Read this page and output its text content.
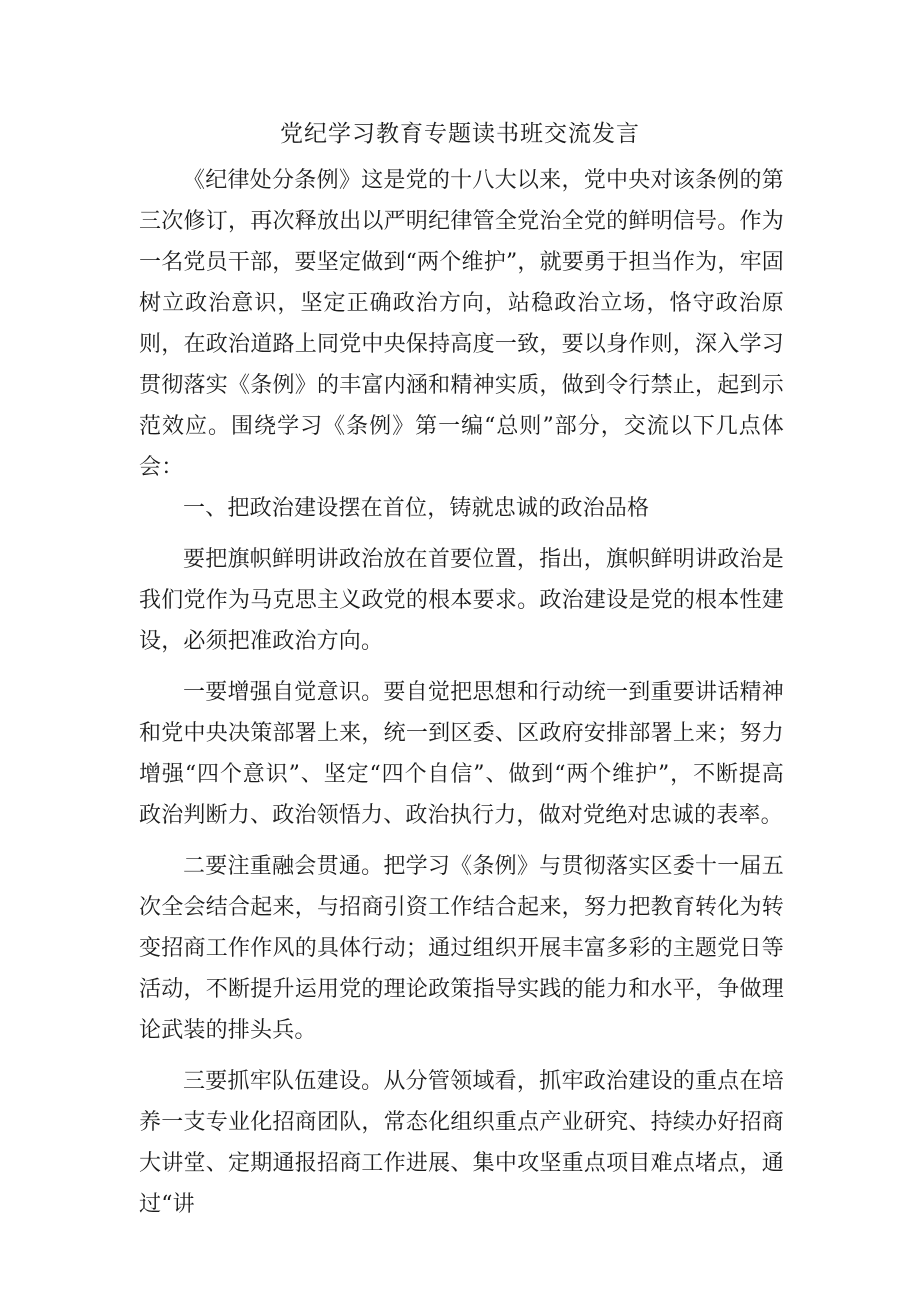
党纪学习教育专题读书班交流发言

《纪律处分条例》这是党的十八大以来，党中央对该条例的第三次修订，再次释放出以严明纪律管全党治全党的鲜明信号。作为一名党员干部，要坚定做到“两个维护”，就要勇于担当作为，牢固树立政治意识，坚定正确政治方向，站稳政治立场，恪守政治原则，在政治道路上同党中央保持高度一致，要以身作则，深入学习贯彻落实《条例》的丰富内涵和精神实质，做到令行禁止，起到示范效应。围绕学习《条例》第一编“总则”部分，交流以下几点体会：

一、把政治建设摆在首位，铸就忠诚的政治品格

要把旗帜鲜明讲政治放在首要位置，指出，旗帜鲜明讲政治是我们党作为马克思主义政党的根本要求。政治建设是党的根本性建设，必须把准政治方向。

一要增强自觉意识。要自觉把思想和行动统一到重要讲话精神和党中央决策部署上来，统一到区委、区政府安排部署上来；努力增强“四个意识”、坚定“四个自信”、做到“两个维护”，不断提高政治判断力、政治领悟力、政治执行力，做对党绝对忠诚的表率。

二要注重融会贯通。把学习《条例》与贯彻落实区委十一届五次全会结合起来，与招商引资工作结合起来，努力把教育转化为转变招商工作作风的具体行动；通过组织开展丰富多彩的主题党日等活动，不断提升运用党的理论政策指导实践的能力和水平，争做理论武装的排头兵。

三要抓牢队伍建设。从分管领域看，抓牢政治建设的重点在培养一支专业化招商团队，常态化组织重点产业研究、持续办好招商大讲堂、定期通报招商工作进展、集中攻坚重点项目难点堵点，通过“讲
